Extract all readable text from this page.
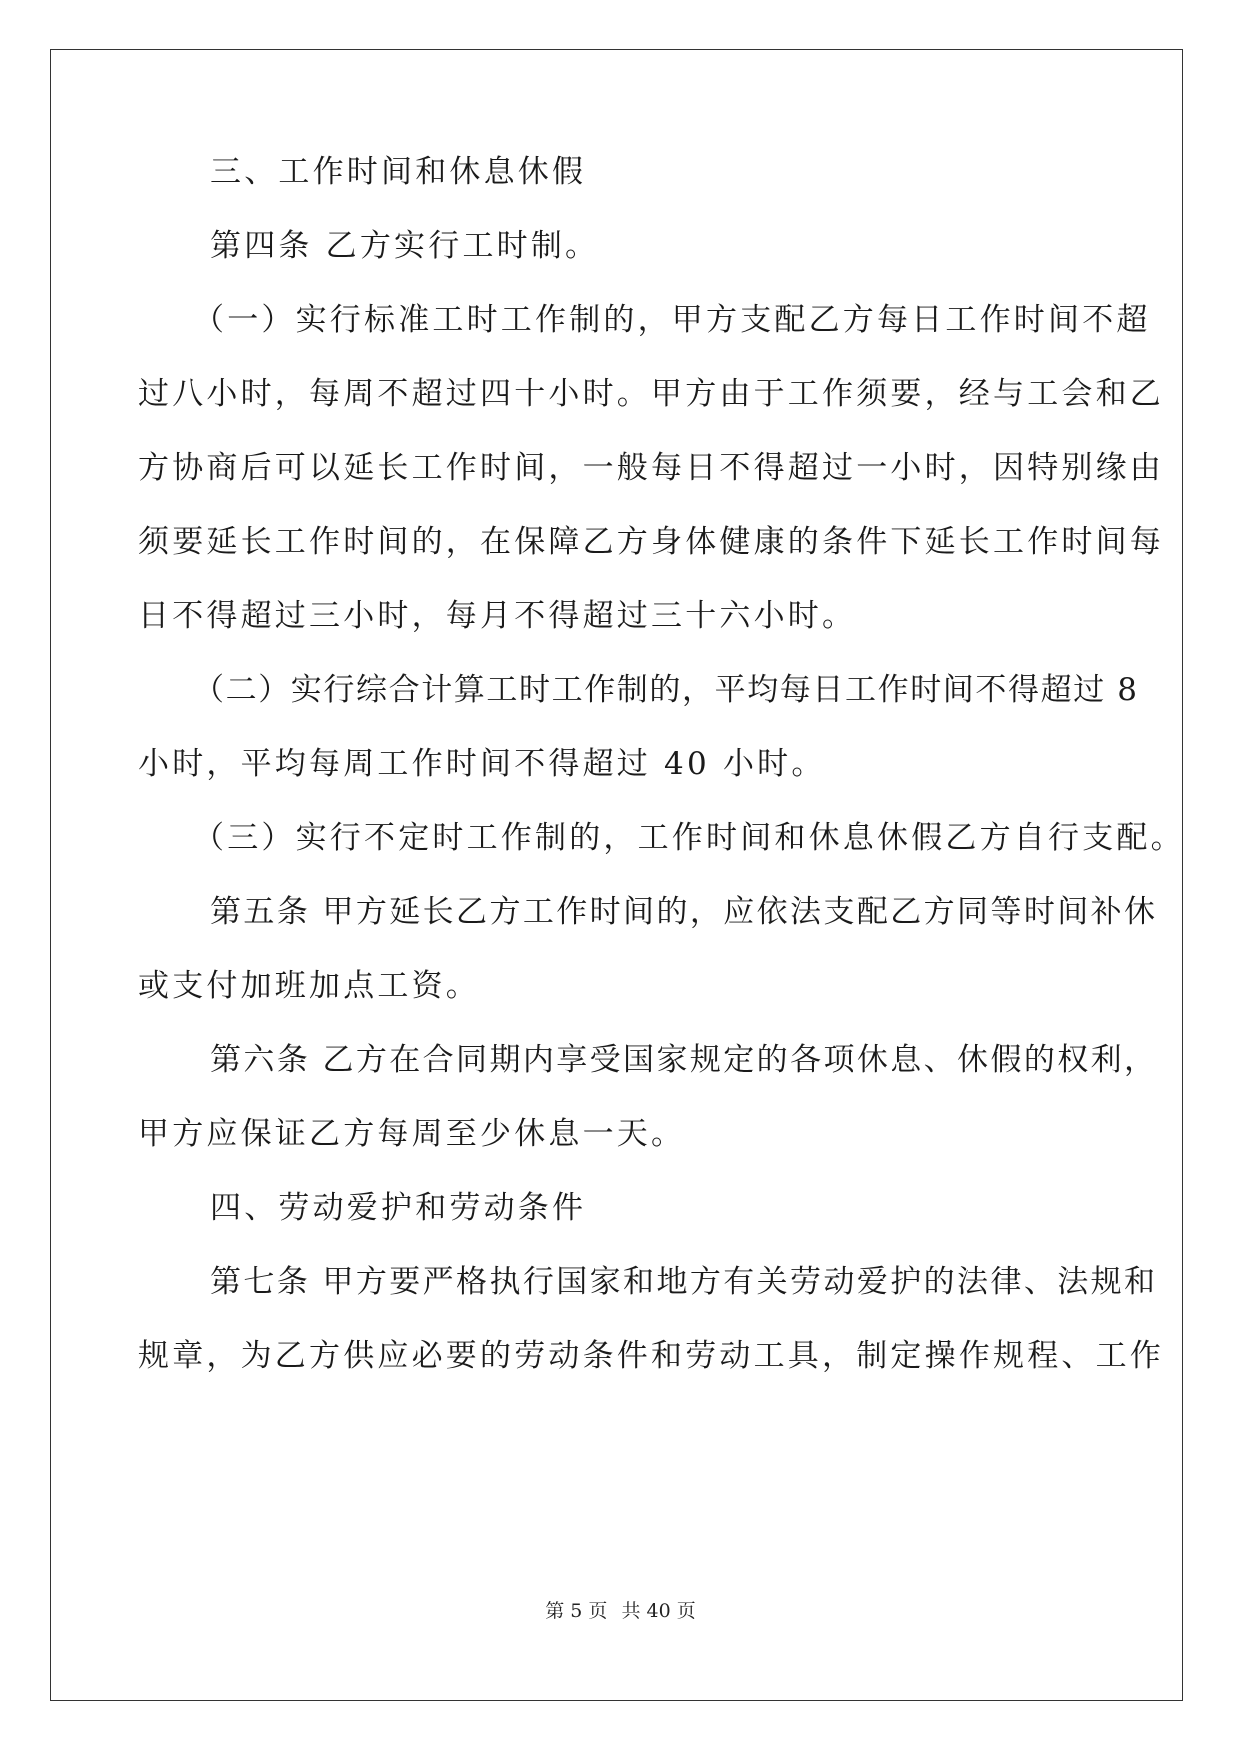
三、工作时间和休息休假
第四条 乙方实行工时制。
（一）实行标准工时工作制的，甲方支配乙方每日工作时间不超
过八小时，每周不超过四十小时。甲方由于工作须要，经与工会和乙
方协商后可以延长工作时间，一般每日不得超过一小时，因特别缘由
须要延长工作时间的，在保障乙方身体健康的条件下延长工作时间每
日不得超过三小时，每月不得超过三十六小时。
（二）实行综合计算工时工作制的，平均每日工作时间不得超过 8
小时，平均每周工作时间不得超过 40 小时。
（三）实行不定时工作制的，工作时间和休息休假乙方自行支配。
第五条 甲方延长乙方工作时间的，应依法支配乙方同等时间补休
或支付加班加点工资。
第六条 乙方在合同期内享受国家规定的各项休息、休假的权利，
甲方应保证乙方每周至少休息一天。
四、劳动爱护和劳动条件
第七条 甲方要严格执行国家和地方有关劳动爱护的法律、法规和
规章，为乙方供应必要的劳动条件和劳动工具，制定操作规程、工作
第 5 页 共 40 页
